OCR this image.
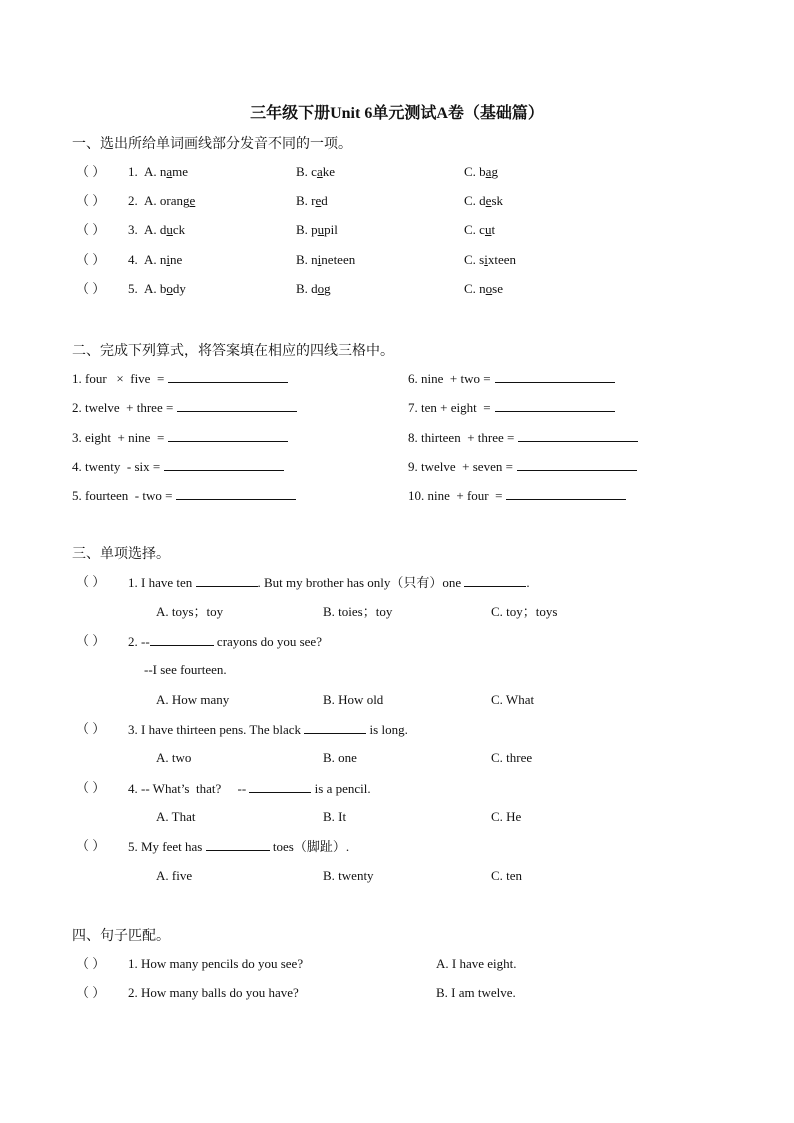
三年级下册Unit 6单元测试A卷（基础篇）
一、选出所给单词画线部分发音不同的一项。
（ ） 1. A. name	B. cake	C. bag
（ ） 2. A. orange	B. red	C. desk
（ ） 3. A. duck	B. pupil	C. cut
（ ） 4. A. nine	B. nineteen	C. sixteen
（ ） 5. A. body	B. dog	C. nose
二、完成下列算式，将答案填在相应的四线三格中。
1. four   ×  five  =	6. nine  + two =
2. twelve  + three =	7. ten + eight  =
3. eight  + nine  =	8. thirteen  + three =
4. twenty  - six =	9. twelve  + seven =
5. fourteen  - two =	10. nine  + four  =
三、单项选择。
（ ） 1. I have ten	. But my brother has only（只有）one	.
A. toys；toy	B. toies；toy	C. toy；toys
（ ） 2. --	crayons do you see?
--I see fourteen.
A. How many	B. How old	C. What
（ ） 3. I have thirteen pens. The black	is long.
A. two	B. one	C. three
（ ） 4. -- What’s  that?     --	is a pencil.
A. That	B. It	C. He
（ ） 5. My feet has	toes（脚趾）.
A. five	B. twenty	C. ten
四、句子匹配。
（ ） 1. How many pencils do you see?	A. I have eight.
（ ） 2. How many balls do you have?	B. I am twelve.
